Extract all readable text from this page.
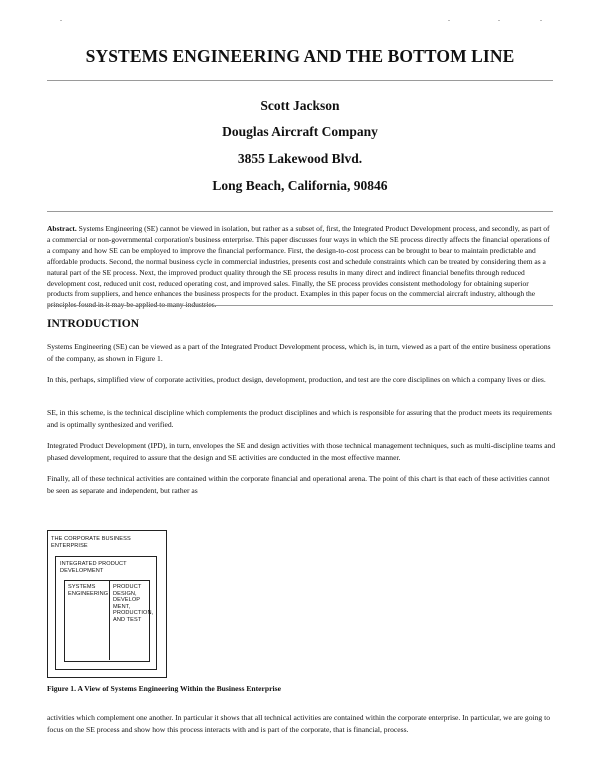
SYSTEMS ENGINEERING AND THE BOTTOM LINE
Scott Jackson
Douglas Aircraft Company
3855 Lakewood Blvd.
Long Beach, California, 90846
Abstract. Systems Engineering (SE) cannot be viewed in isolation, but rather as a subset of, first, the Integrated Product Development process, and secondly, as part of a commercial or non-governmental corporation's business enterprise. This paper discusses four ways in which the SE process directly affects the financial operations of a company and how SE can be employed to improve the financial performance. First, the design-to-cost process can be brought to bear to maintain predictable and affordable products. Second, the normal business cycle in commercial industries, presents cost and schedule constraints which can be treated by considering them as a natural part of the SE process. Next, the improved product quality through the SE process results in many direct and indirect financial benefits through reduced development cost, reduced unit cost, reduced operating cost, and improved sales. Finally, the SE process provides consistent methodology for obtaining superior products from suppliers, and hence enhances the business prospects for the product. Examples in this paper focus on the commercial aircraft industry, although the principles found in it may be applied to many industries.
INTRODUCTION
Systems Engineering (SE) can be viewed as a part of the Integrated Product Development process, which is, in turn, viewed as a part of the entire business operations of the company, as shown in Figure 1.
In this, perhaps, simplified view of corporate activities, product design, development, production, and test are the core disciplines on which a company lives or dies.
SE, in this scheme, is the technical discipline which complements the product disciplines and which is responsible for assuring that the product meets its requirements and is optimally synthesized and verified.
Integrated Product Development (IPD), in turn, envelopes the SE and design activities with those technical management techniques, such as multi-discipline teams and phased development, required to assure that the design and SE activities are conducted in the most effective manner.
Finally, all of these technical activities are contained within the corporate financial and operational arena. The point of this chart is that each of these activities cannot be seen as separate and independent, but rather as
THE CORPORATE BUSINESS ENTERPRISE
INTEGRATED PRODUCT DEVELOPMENT
SYSTEMS ENGINEERING
PRODUCT DESIGN, DEVELOP MENT, PRODUCTION, AND TEST
Figure 1. A View of Systems Engineering Within the Business Enterprise
activities which complement one another. In particular it shows that all technical activities are contained within the corporate enterprise. In particular, we are going to focus on the SE process and show how this process interacts with and is part of the corporate, that is financial, process.
